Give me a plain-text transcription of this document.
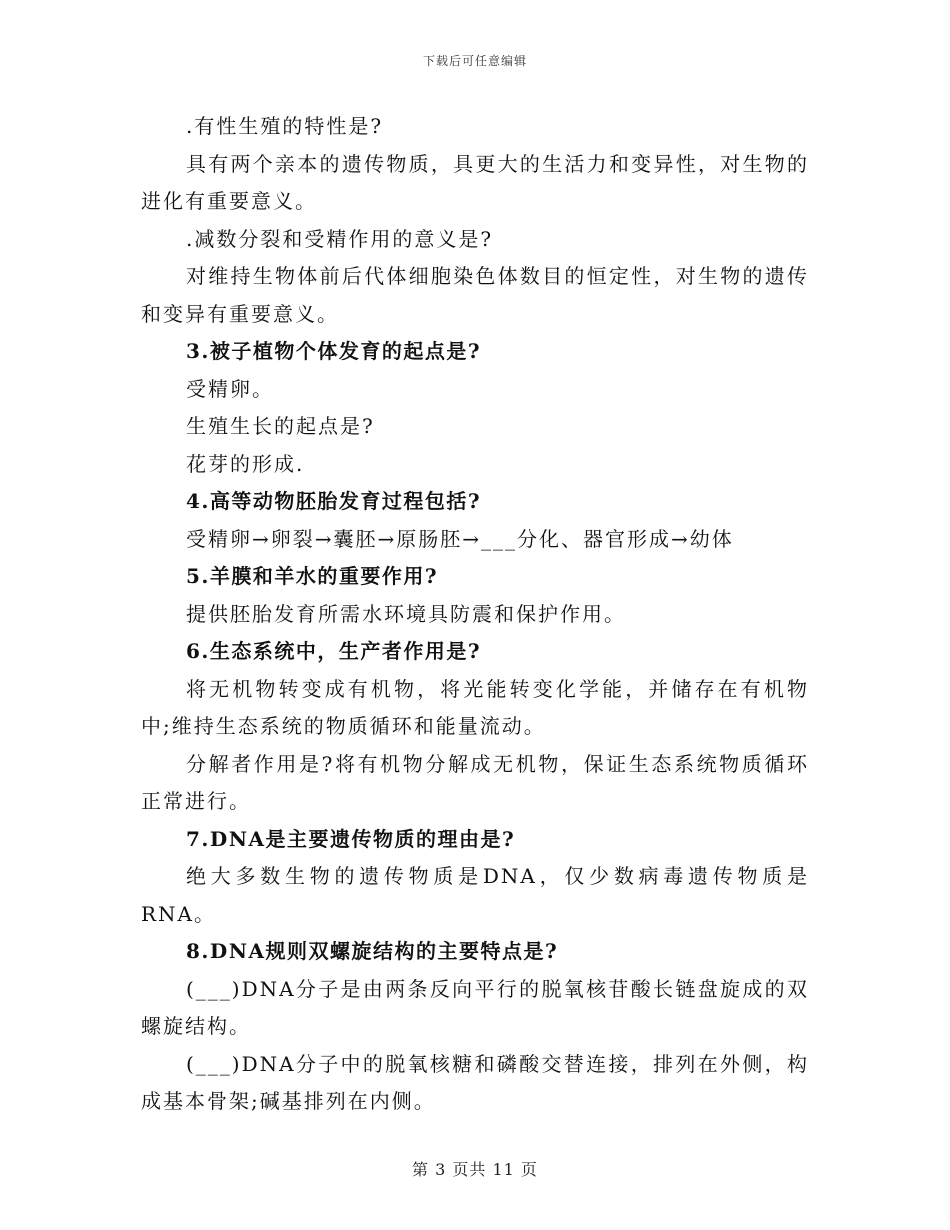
下载后可任意编辑

.有性生殖的特性是?

具有两个亲本的遗传物质，具更大的生活力和变异性，对生物的进化有重要意义。

.减数分裂和受精作用的意义是?

对维持生物体前后代体细胞染色体数目的恒定性，对生物的遗传和变异有重要意义。

3.被子植物个体发育的起点是?

受精卵。

生殖生长的起点是?

花芽的形成.

4.高等动物胚胎发育过程包括?

受精卵→卵裂→囊胚→原肠胚→___分化、器官形成→幼体

5.羊膜和羊水的重要作用?

提供胚胎发育所需水环境具防震和保护作用。

6.生态系统中，生产者作用是?

将无机物转变成有机物，将光能转变化学能，并储存在有机物中;维持生态系统的物质循环和能量流动。

分解者作用是?将有机物分解成无机物，保证生态系统物质循环正常进行。

7.DNA是主要遗传物质的理由是?

绝大多数生物的遗传物质是DNA，仅少数病毒遗传物质是RNA。

8.DNA规则双螺旋结构的主要特点是?

(___)DNA分子是由两条反向平行的脱氧核苷酸长链盘旋成的双螺旋结构。

(___)DNA分子中的脱氧核糖和磷酸交替连接，排列在外侧，构成基本骨架;碱基排列在内侧。

第 3 页共 11 页
